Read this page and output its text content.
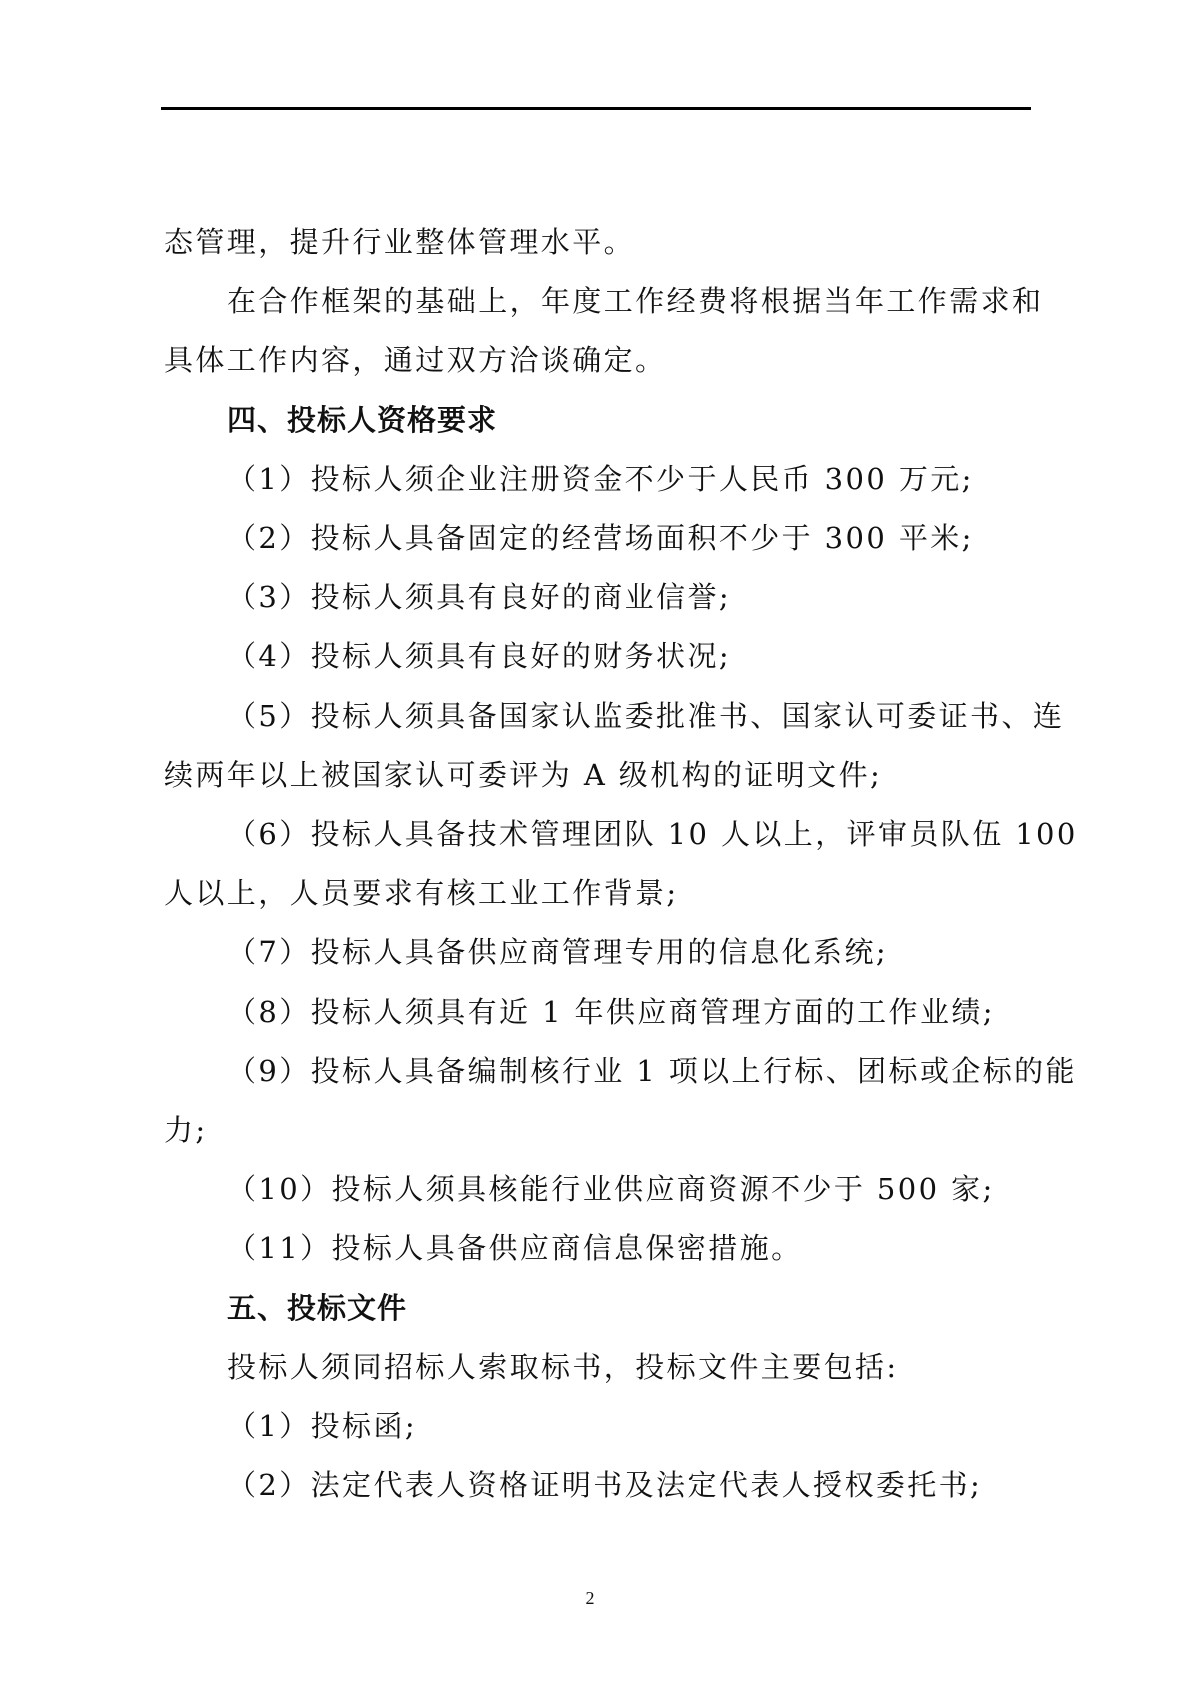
态管理，提升行业整体管理水平。
在合作框架的基础上，年度工作经费将根据当年工作需求和
具体工作内容，通过双方洽谈确定。
四、投标人资格要求
（1）投标人须企业注册资金不少于人民币 300 万元;
（2）投标人具备固定的经营场面积不少于 300 平米;
（3）投标人须具有良好的商业信誉;
（4）投标人须具有良好的财务状况;
（5）投标人须具备国家认监委批准书、国家认可委证书、连
续两年以上被国家认可委评为 A 级机构的证明文件;
（6）投标人具备技术管理团队 10 人以上，评审员队伍 100
人以上，人员要求有核工业工作背景;
（7）投标人具备供应商管理专用的信息化系统;
（8）投标人须具有近 1 年供应商管理方面的工作业绩;
（9）投标人具备编制核行业 1 项以上行标、团标或企标的能
力;
（10）投标人须具核能行业供应商资源不少于 500 家;
（11）投标人具备供应商信息保密措施。
五、投标文件
投标人须同招标人索取标书，投标文件主要包括:
（1）投标函;
（2）法定代表人资格证明书及法定代表人授权委托书;
2
